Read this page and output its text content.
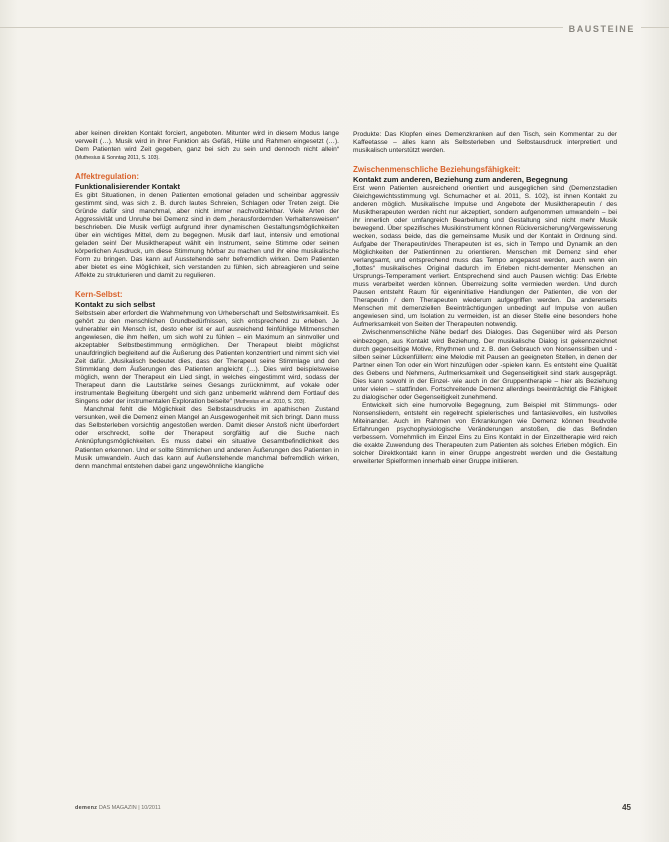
BAUSTEINE

aber keinen direkten Kontakt forciert, angeboten. Mitunter wird in diesem Modus lange verweilt (…). Musik wird in ihrer Funktion als Gefäß, Hülle und Rahmen eingesetzt (…). Dem Patienten wird Zeit gegeben, ganz bei sich zu sein und dennoch nicht allein“ (Muthesius & Sonntag 2011, S. 103).

Affektregulation:
Funktionalisierender Kontakt

Es gibt Situationen, in denen Patienten emotional geladen und scheinbar aggressiv gestimmt sind, was sich z. B. durch lautes Schreien, Schlagen oder Treten zeigt. Die Gründe dafür sind manchmal, aber nicht immer nachvollziehbar. Viele Arten der Aggressivität und Unruhe bei Demenz sind in dem „herausfordernden Verhaltensweisen“ beschrieben. Die Musik verfügt aufgrund ihrer dynamischen Gestaltungsmöglichkeiten über ein wichtiges Mittel, dem zu begegnen. Musik darf laut, intensiv und emotional geladen sein! Der Musiktherapeut wählt ein Instrument, seine Stimme oder seinen körperlichen Ausdruck, um diese Stimmung hörbar zu machen und ihr eine musikalische Form zu bringen. Das kann auf Ausstehende sehr befremdlich wirken. Dem Patienten aber bietet es eine Möglichkeit, sich verstanden zu fühlen, sich abreagieren und seine Affekte zu strukturieren und damit zu regulieren.

Kern-Selbst:
Kontakt zu sich selbst

Selbstsein aber erfordert die Wahrnehmung von Urheberschaft und Selbstwirksamkeit. Es gehört zu den menschlichen Grundbedürfnissen, sich entsprechend zu erleben. Je vulnerabler ein Mensch ist, desto eher ist er auf ausreichend feinfühlige Mitmenschen angewiesen, die ihm helfen, um sich wohl zu fühlen – ein Maximum an sinnvoller und akzeptabler Selbstbestimmung ermöglichen. Der Therapeut bleibt möglichst unaufdringlich begleitend auf die Äußerung des Patienten konzentriert und nimmt sich viel Zeit dafür. „Musikalisch bedeutet dies, dass der Therapeut seine Stimmlage und den Stimmklang dem Äußerungen des Patienten angleicht (…). Dies wird beispielsweise möglich, wenn der Therapeut ein Lied singt, in welches eingestimmt wird, sodass der Therapeut dann die Lautstärke seines Gesangs zurücknimmt, auf vokale oder instrumentale Begleitung übergeht und sich ganz unbemerkt während dem Fortlauf des Singens oder der instrumentalen Exploration beiseite“ (Muthesius et al. 2010, S. 203).

Manchmal fehlt die Möglichkeit des Selbstausdrucks im apathischen Zustand versunken, weil die Demenz einen Mangel an Ausgewogenheit mit sich bringt. Dann muss das Selbsterleben vorsichtig angestoßen werden. Damit dieser Anstoß nicht überfordert oder erschreckt, sollte der Therapeut sorgfältig auf die Suche nach Anknüpfungsmöglichkeiten. Es muss dabei ein situative Gesamtbefindlichkeit des Patienten erkennen. Und er sollte Stimmlichen und anderen Äußerungen des Patienten in Musik umwandeln. Auch das kann auf Außenstehende manchmal befremdlich wirken, denn manchmal entstehen dabei ganz ungewöhnliche klangliche

Produkte: Das Klopfen eines Demenzkranken auf den Tisch, sein Kommentar zu der Kaffeetasse – alles kann als Selbsterleben und Selbstausdruck interpretiert und musikalisch unterstützt werden.

Zwischenmenschliche Beziehungsfähigkeit:
Kontakt zum anderen, Beziehung zum anderen, Begegnung

Erst wenn Patienten ausreichend orientiert und ausgeglichen sind (Demenzstadien Gleichgewichtsstimmung vgl. Schumacher et al. 2011, S. 102), ist ihnen Kontakt zu anderen möglich. Musikalische Impulse und Angebote der Musiktherapeutin / des Musiktherapeuten werden nicht nur akzeptiert, sondern aufgenommen umwandeln – bei ihr innerlich oder umfangreich Bearbeitung und Gestaltung sind nicht mehr Musik bewegend. Über spezifisches Musikinstrument können Rückversicherung/Vergewisserung wecken, sodass beide, das die gemeinsame Musik und der Kontakt in Ordnung sind. Aufgabe der Therapeutin/des Therapeuten ist es, sich in Tempo und Dynamik an den Möglichkeiten der Patientinnen zu orientieren. Menschen mit Demenz sind eher verlangsamt, und entsprechend muss das Tempo angepasst werden, auch wenn ein „flottes“ musikalisches Original dadurch im Erleben nicht-dementer Menschen an Ursprungs-Temperament verliert. Entsprechend sind auch Pausen wichtig: Das Erlebte muss verarbeitet werden können. Überreizung sollte vermieden werden. Und durch Pausen entsteht Raum für eigeninitiative Handlungen der Patienten, die von der Therapeutin / dem Therapeuten wiederum aufgegriffen werden. Da andererseits Menschen mit demenziellen Beeinträchtigungen unbedingt auf Impulse von außen angewiesen sind, um Isolation zu vermeiden, ist an dieser Stelle eine besonders hohe Aufmerksamkeit von Seiten der Therapeuten notwendig.

Zwischenmenschliche Nähe bedarf des Dialoges. Das Gegenüber wird als Person einbezogen, aus Kontakt wird Beziehung. Der musikalische Dialog ist gekennzeichnet durch gegenseitige Motive, Rhythmen und z. B. den Gebrauch von Nonsenssilben und -silben seiner Lückenfüllern: eine Melodie mit Pausen an geeigneten Stellen, in denen der Partner einen Ton oder ein Wort hinzufügen oder -spielen kann. Es entsteht eine Qualität des Gebens und Nehmens, Aufmerksamkeit und Gegenseitigkeit sind stark ausgeprägt. Dies kann sowohl in der Einzel- wie auch in der Gruppentherapie – hier als Beziehung unter vielen – stattfinden. Fortschreitende Demenz allerdings beeinträchtigt die Fähigkeit zu dialogischer oder Gegenseitigkeit zunehmend.

Entwickelt sich eine humorvolle Begegnung, zum Beispiel mit Stimmungs- oder Nonsensliedern, entsteht ein regelrecht spielerisches und fantasievolles, ein lustvolles Miteinander. Auch im Rahmen von Erkrankungen wie Demenz können freudvolle Erfahrungen psychophysiologische Veränderungen anstoßen, die das Befinden verbessern. Vornehmlich im Einzel Eins zu Eins Kontakt in der Einzeltherapie wird reich die exakte Zuwendung des Therapeuten zum Patienten als solches Erleben möglich. Ein solcher Direktkontakt kann in einer Gruppe angestrebt werden und die Gestaltung erweiterter Spielformen innerhalb einer Gruppe initiieren.

demenz DAS MAGAZIN | 10/2011	45
